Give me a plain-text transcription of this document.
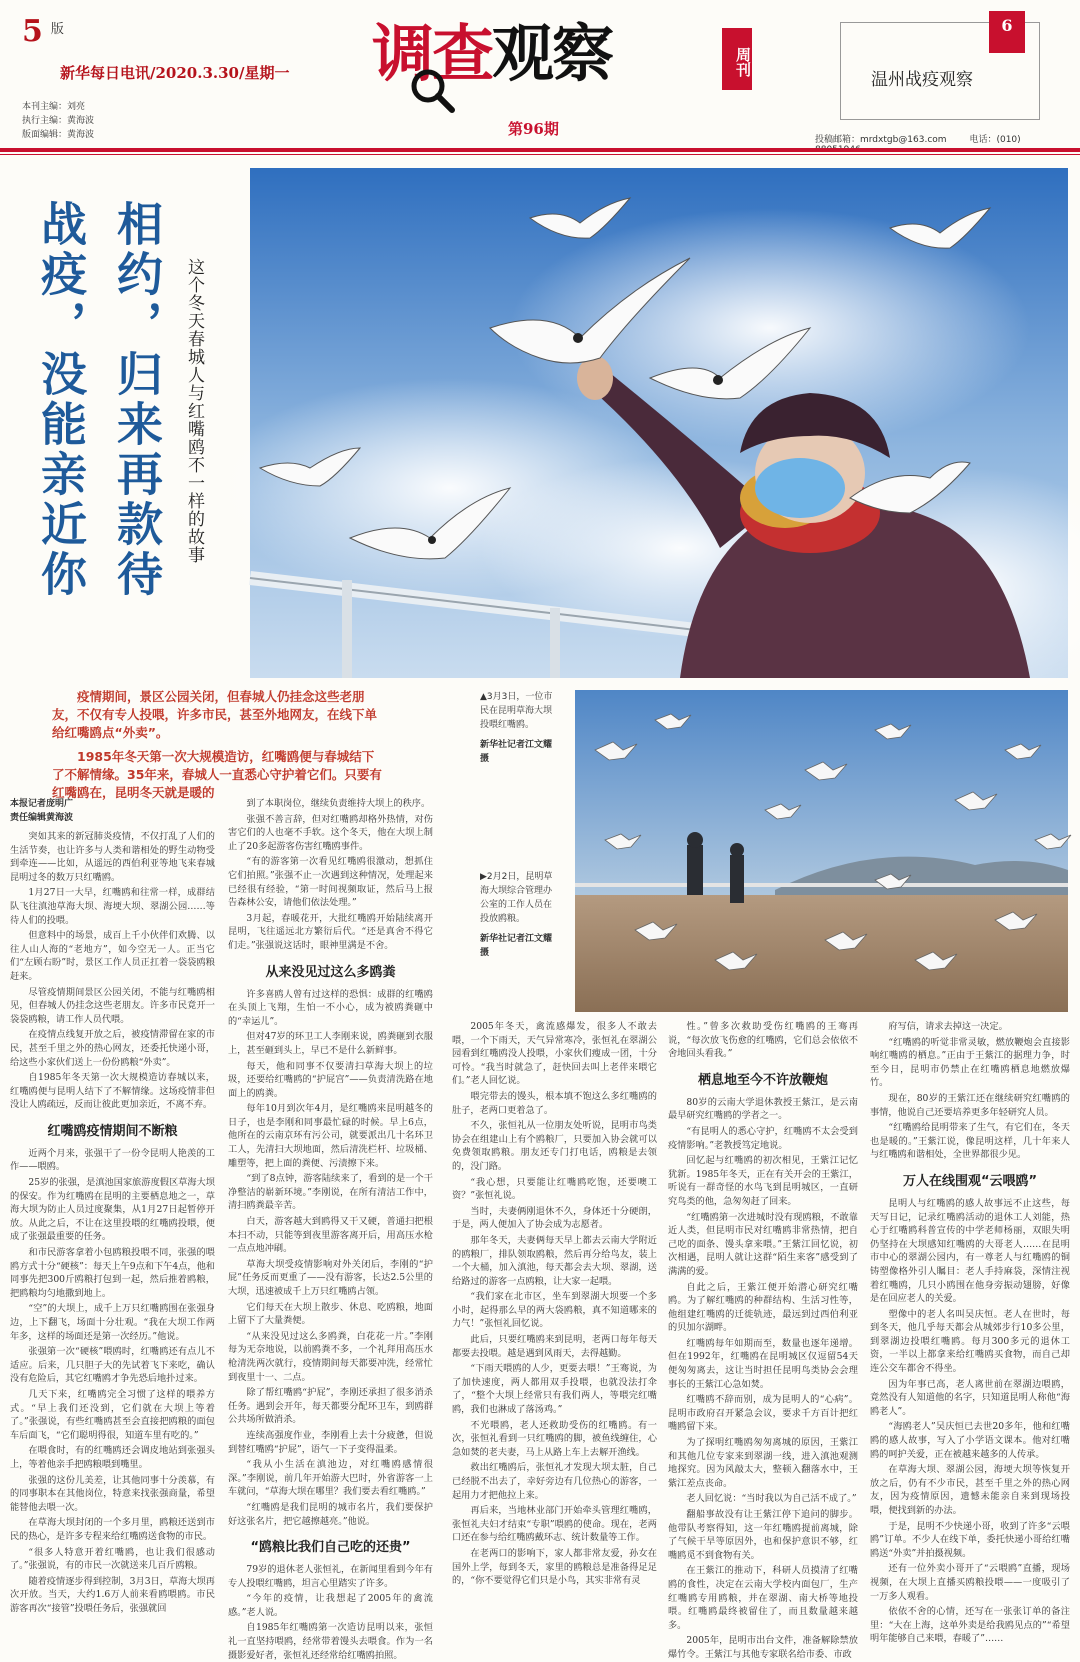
5 $^版$
新华每日电讯/2020.3.30/星期一
本刊主编：刘亮
执行主编：黄海波
版面编辑：黄海波
调查观察	周刊
第96期
投稿邮箱：mrdxtgb@163.com	电话：(010)
6
温州战疫观察
相约，归来再款待
战疫，没能亲近你	这个冬天春城人与红嘴鸥不一样的故事

疫情期间，景区公园关闭，但春城人仍挂念这些老朋友，不仅有专人投喂，许多市民，甚至外地网友，在线下单给红嘴鸥点“外卖”。

1985年冬天第一次大规模造访，红嘴鸥便与春城结下了不解情缘。35年来，春城人一直悉心守护着它们。只要有红嘴鸥在，昆明冬天就是暖的

▲3月3日，一位市民在昆明草海大坝投喂红嘴鸥。
新华社记者江文耀摄
▶2月2日，昆明草海大坝综合管理办公室的工作人员在投放鸥粮。
新华社记者江文耀摄
本报记者庞明广
责任编辑黄海波

突如其来的新冠肺炎疫情，不仅打乱了人们的生活节奏，也让许多与人类和谐相处的野生动物受到牵连——比如，从遥远的西伯利亚等地飞来春城昆明过冬的数万只红嘴鸥。

1月27日一大早，红嘴鸥和往常一样，成群结队飞往滇池草海大坝、海埂大坝、翠湖公园……等待人们的投喂。

但意料中的场景，成百上千小伙伴们欢腾、以往人山人海的“老地方”，如今空无一人。正当它们“左顾右盼”时，景区工作人员正扛着一袋袋鸥粮赶来。

尽管疫情期间景区公园关闭，不能与红嘴鸥相见，但春城人仍挂念这些老朋友。许多市民竟开一袋袋鸥粮，请工作人员代喂。

在疫情点线复开放之后，被疫情滞留在家的市民，甚至千里之外的热心网友，还委托快递小哥，给这些小家伙们送上一份份鸥粮“外卖”。

自1985年冬天第一次大规模造访春城以来，红嘴鸥便与昆明人结下了不解情缘。这场疫情非但没让人鸥疏远，反而让彼此更加亲近，不离不弃。

红嘴鸥疫情期间不断粮

近两个月来，张强干了一份令昆明人艳羡的工作——喂鸥。

25岁的张强，是滇池国家旅游度假区草海大坝的保安。作为红嘴鸥在昆明的主要栖息地之一，草海大坝为防止人员过度聚集，从1月27日起暂停开放。从此之后，不让在这里投喂的红嘴鸥投喂，便成了张强最重要的任务。

和市民游客拿着小包鸥粮投喂不同，张强的喂鸥方式十分“硬核”：每天上午9点和下午4点，他和同事先把300斤鸥粮打包到一起，然后推着鸥粮，把鸥粮均匀地撒到地上。

“空”的大坝上，成千上万只红嘴鸥围在张强身边，上下翻飞，场面十分壮观。“我在大坝工作两年多，这样的场面还是第一次经历。”他说。

张强第一次“硬核”喂鸥时，红嘴鸥还有点儿不适应。后来，几只胆子大的先试着飞下来吃，确认没有危险后，其它红嘴鸥才争先恐后地扑过来。

几天下来，红嘴鸥完全习惯了这样的喂养方式。“早上我们还没到，它们就在大坝上等着了。”张强说，有些红嘴鸥甚至会直接把鸥粮的面包车后面飞，“它们聪明得很，知道车里有吃的。”

在喂食时，有的红嘴鸥还会调皮地站到张强头上，等着他亲手把鸥粮喂到嘴里。

张强的这份儿美差，让其他同事十分羡慕，有的同事职本在其他岗位，特意来找张强商量，希望能替他去喂一次。

在草海大坝封闭的一个多月里，鸥粮还送到市民的热心，是许多专程来给红嘴鸥送食物的市民。

“很多人特意开着红嘴鸥，也让我们很感动了。”张强说，有的市民一次就送来几百斤鸥粮。

随着疫情逐步得到控制，3月3日，草海大坝再次开放。当天，大约1.6万人前来看鸥喂鸥。市民游客再次“接管”投喂任务后，张强就回

到了本职岗位，继续负责维持大坝上的秩序。

张强不善言辞，但对红嘴鸥却格外热情，对伤害它们的人也毫不手软。这个冬天，他在大坝上制止了20多起游客伤害红嘴鸥事件。

“有的游客第一次看见红嘴鸥很激动，想抓住它们拍照。”张强不止一次遇到这种情况，处理起来已经很有经验，“第一时间视频取证，然后马上报告森林公安，请他们依法处理。”

3月起，春暖花开，大批红嘴鸥开始陆续离开昆明，飞往遥远北方繁衍后代。“还是真舍不得它们走。”张强说这话时，眼神里满是不舍。

从来没见过这么多鸥粪

许多喜鸥人曾有过这样的恐惧：成群的红嘴鸥在头顶上飞翔，生怕一不小心，成为被鸥粪砸中的“幸运儿”。

但对47岁的环卫工人李刚来说，鸥粪砸到衣服上，甚至砸到头上，早已不是什么新鲜事。

每天，他和同事不仅要清扫草海大坝上的垃圾，还要给红嘴鸥的“护屁宫”——负责清洗路在地面上的鸥粪。

每年10月到次年4月，是红嘴鸥来昆明越冬的日子，也是李刚和同事最忙碌的时候。早上6点，他所在的云南京环有污公司，就要派出几十名环卫工人，先清扫大坝地面，然后清洗栏杆、垃圾桶、雕塑等，把上面的粪便、污渍擦下来。

“到了8点钟，游客陆续来了，看到的是一个干净整洁的崭新环境。”李刚说，在所有清洁工作中，清扫鸥粪最辛苦。

白天，游客越大到鸥得又干又硬，普通扫把根本扫不动，只能等到夜里游客离开后，用高压水枪一点点地冲刷。

草海大坝受疫情影响对外关闭后，李刚的“护屁”任务反而更重了——没有游客，长达2.5公里的大坝，迅速被成千上万只红嘴鸥占领。

它们每天在大坝上散步、休息、吃鸥粮，地面上留下了大量粪便。

“从来没见过这么多鸥粪，白花花一片。”李刚每为无奈地说，以前鸥粪不多，一个礼拜用高压水枪清洗两次就行，疫情期间每天都要冲洗，经常忙到夜里十一、二点。

除了帮红嘴鸥“护屁”，李刚还承担了很多消杀任务。遇到会开年，每天都要分配环卫车，到鸥群公共场所做消杀。

连续高强度作业，李刚看上去十分疲惫，但说到替红嘴鸥“护屁”，语气一下子变得温柔。

“我从小生活在滇池边，对红嘴鸥感情很深。”李刚说，前几年开始游大巴时，外省游客一上车就问，“草海大坝在哪里？我们要去看红嘴鸥。”

“红嘴鸥是我们昆明的城市名片，我们要保护好这张名片，把它越擦越亮。”他说。

“鸥粮比我们自己吃的还贵”

79岁的退休老人张恒礼，在新闻里看到今年有专人投喂红嘴鸥，坦言心里踏实了许多。

“今年的疫情，让我想起了2005年的禽流感。”老人说。

自1985年红嘴鸥第一次造访昆明以来，张恒礼一直坚持喂鸥，经常带着馒头去喂食。作为一名摄影爱好者，张恒礼还经常给红嘴鸥拍照。

2005年冬天，禽流感爆发，很多人不敢去喂，一个下雨天，天气异常寒冷，张恒礼在翠湖公园看到红嘴鸥没人投喂，小家伙们瘦成一团，十分可怜。“我当时就急了，赶快回去叫上老伴来喂它们。”老人回忆说。

喂完带去的馒头，根本填不饱这么多红嘴鸥的肚子，老两口更着急了。

不久，张恒礼从一位朋友处听说，昆明市鸟类协会在组建山上有个鸥粮厂，只要加入协会就可以免费领取鸥粮。朋友还专门打电话，鸥粮是去领的，没门路。

“我心想，只要能让红嘴鸥吃饱，还要噢工资？”张恒礼说。

当时，夫妻俩刚退休不久，身体还十分硬朗，于是，两人便加入了协会成为志愿者。

那年冬天，夫妻俩每天早上都去云南大学附近的鸥粮厂，排队领取鸥粮，然后再分给鸟友，装上一个大桶，加入滇池，每天都会去大坝、翠湖，送给路过的游客一点鸥粮，让大家一起喂。

“我们家在北市区，坐车到翠湖大坝要一个多小时，起得那么早的两大袋鸥粮，真不知道哪来的力气！”张恒礼回忆说。

此后，只要红嘴鸥来到昆明，老两口每年每天都要去投喂。越是遇到风雨天，去得越勤。

“下雨天喂鸥的人少，更要去喂！”王骞说，为了加快速度，两人都用双手投喂，也就没法打伞了，“整个大坝上经常只有我们两人，等喂完红嘴鸥，我们也淋成了落汤鸡。”

不光喂鸥，老人还救助受伤的红嘴鸥。有一次，张恒礼看到一只红嘴鸥的脚，被鱼线缠住，心急如焚的老夫妻，马上从路上车上去解开渔线。

救出红嘴鸥后，张恒礼才发现大坝太脏，自己已经脱不出去了，幸好旁边有几位热心的游客，一起用力才把他拉上来。

再后来，当地林业部门开始牵头管理红嘴鸥，张恒礼夫妇才结束“专职”喂鸥的使命。现在，老两口还在参与给红嘴鸥戴环志、统计数量等工作。

在老两口的影响下，家人都非常友爱，孙女在国外上学，每到冬天，家里的鸥粮总是准备得足足的，“你不要觉得它们只是小鸟，其实非常有灵

性。”曾多次救助受伤红嘴鸥的王骞再说，“每次放飞伤愈的红嘴鸥，它们总会依依不舍地回头看我。”

栖息地至今不许放鞭炮

80岁的云南大学退休教授王紫江，是云南最早研究红嘴鸥的学者之一。

“有昆明人的悉心守护，红嘴鸥不太会受到疫情影响。”老教授笃定地说。

回忆起与红嘴鸥的初次相见，王紫江记忆犹新。1985年冬天，正在有关开会的王紫江，听说有一群奇怪的水鸟飞到昆明城区，一直研究鸟类的他，急匆匆赶了回来。

“红嘴鸥第一次进城时没有现鸥粮，不敢靠近人类，但昆明市民对红嘴鸥非常热情，把自己吃的面条、馒头拿来喂。”王紫江回忆说，初次相遇，昆明人就让这群“陌生来客”感受到了满满的爱。

自此之后，王紫江便开始潜心研究红嘴鸥。为了解红嘴鸥的种群结构、生活习性等，他组建红嘴鸥的迁徙轨迹，最远到过西伯利亚的贝加尔湖畔。

红嘴鸥每年如期而至，数量也逐年递增。但在1992年，红嘴鸥在昆明城区仅逗留54天便匆匆离去，这让当时担任昆明鸟类协会会理事长的王紫江心急如焚。

红嘴鸥不辞而别，成为昆明人的“心病”。昆明市政府召开紧急会议，要求千方百计把红嘴鸥留下来。

为了探明红嘴鸥匆匆离城的原因，王紫江和其他几位专家来到翠湖一线，进入滇池观测地探究。因为风敲太大，整顿入翻落水中，王紫江差点丧命。

老人回忆说：“当时我以为自己活不成了。”

翻船事故没有让王紫江停下追问的脚步。他带队考察得知，这一年红嘴鸥提前离城，除了气候干旱等原因外，也和保护意识不够，红嘴鸥觅不到食物有关。

在王紫江的推动下，科研人员摸清了红嘴鸥的食性，决定在云南大学校内面包厂，生产红嘴鸥专用鸥粮，并在翠湖、南大桥等地投喂。红嘴鸥最终被留住了，而且数量越来越多。

2005年，昆明市出台文件，准备解除禁放爆竹令。王紫江与其他专家联名给市委、市政

府写信，请求去掉这一决定。

“红嘴鸥的听觉非常灵敏，燃放鞭炮会直接影响红嘴鸥的栖息。”正由于王紫江的据理力争，时至今日，昆明市仍禁止在红嘴鸥栖息地燃放爆竹。

现在，80岁的王紫江还在继续研究红嘴鸥的事情，他说自己还要培养更多年轻研究人员。

“红嘴鸥给昆明带来了生气，有它们在，冬天也是暖的。”王紫江说，像昆明这样，几十年来人与红嘴鸥和谐相处，全世界都很少见。

万人在线围观“云喂鸥”

昆明人与红嘴鸥的感人故事远不止这些，每天写日记，记录红嘴鸥活动的退休工人刘能，热心于红嘴鸥科普宣传的中学老师杨丽，双眼失明仍坚持在大坝感知红嘴鸥的大哥老人……在昆明市中心的翠湖公园内，有一尊老人与红嘴鸥的铜铸塑像格外引人瞩目：老人手持麻袋，深情注视着红嘴鸥，几只小鸥围在他身旁振动翅膀，好像是在回应老人的关爱。

塑像中的老人名叫吴庆恒。老人在世时，每到冬天，他几乎每天都会从城郊步行10多公里，到翠湖边投喂红嘴鸥。每月300多元的退休工资，一半以上都拿来给红嘴鸥买食物，而自己却连公交车都舍不得坐。

因为年事已高，老人离世前在翠湖边喂鸥，竟然没有人知道他的名字，只知道昆明人称他“海鸥老人”。

“海鸥老人”吴庆恒已去世20多年，他和红嘴鸥的感人故事，写入了小学语文课本。他对红嘴鸥的呵护关爱，正在被越来越多的人传承。

在草海大坝、翠湖公园，海埂大坝等恢复开放之后，仍有不少市民，甚至千里之外的热心网友，因为疫情原因，遗憾未能亲自来到现场投喂，便找到新的办法。

于是，昆明不少快递小哥，收到了许多“云喂鸥”订单。不少人在线下单，委托快递小哥给红嘴鸥送“外卖”并拍摄视频。

还有一位外卖小哥开了“云喂鸥”直播，现场视频，在大坝上直播买鸥粮投喂——一度吸引了一万多人观看。

依依不舍的心情，还写在一张张订单的备注里：“大在上海，这单外卖是给我鸥见点的”“希望明年能够自己来喂，春暖了”……
